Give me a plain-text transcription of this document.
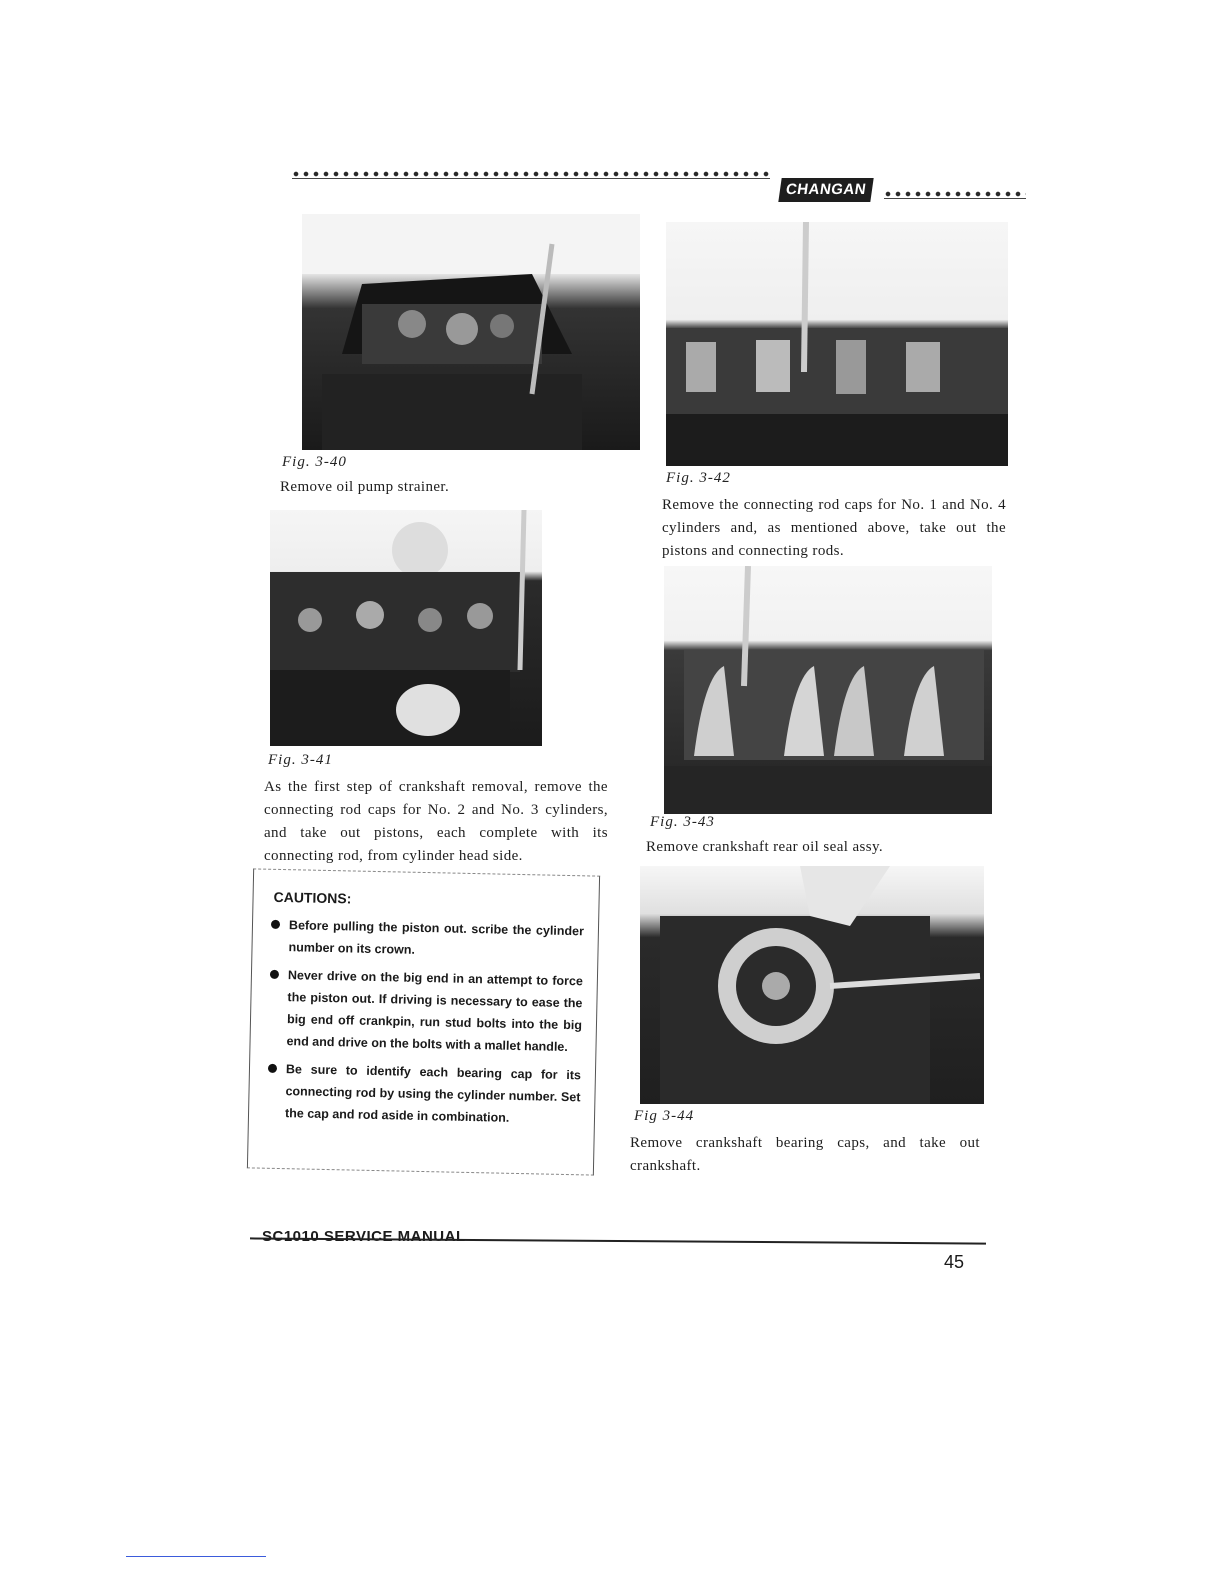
CHANGAN
Fig. 3-40
Remove oil pump strainer.
Fig. 3-41
As the first step of crankshaft removal, remove the connecting rod caps for No. 2 and No. 3 cylinders, and take out pistons, each complete with its connecting rod, from cylinder head side.
CAUTIONS:
Before pulling the piston out. scribe the cylinder number on its crown.
Never drive on the big end in an attempt to force the piston out. If driving is necessary to ease the big end off crankpin, run stud bolts into the big end and drive on the bolts with a mallet handle.
Be sure to identify each bearing cap for its connecting rod by using the cylinder number. Set the cap and rod aside in combination.
Fig. 3-42
Remove the connecting rod caps for No. 1 and No. 4 cylinders and, as mentioned above, take out the pistons and connecting rods.
Fig. 3-43
Remove crankshaft rear oil seal assy.
Fig 3-44
Remove crankshaft bearing caps, and take out crankshaft.
SC1010 SERVICE MANUAL
45
